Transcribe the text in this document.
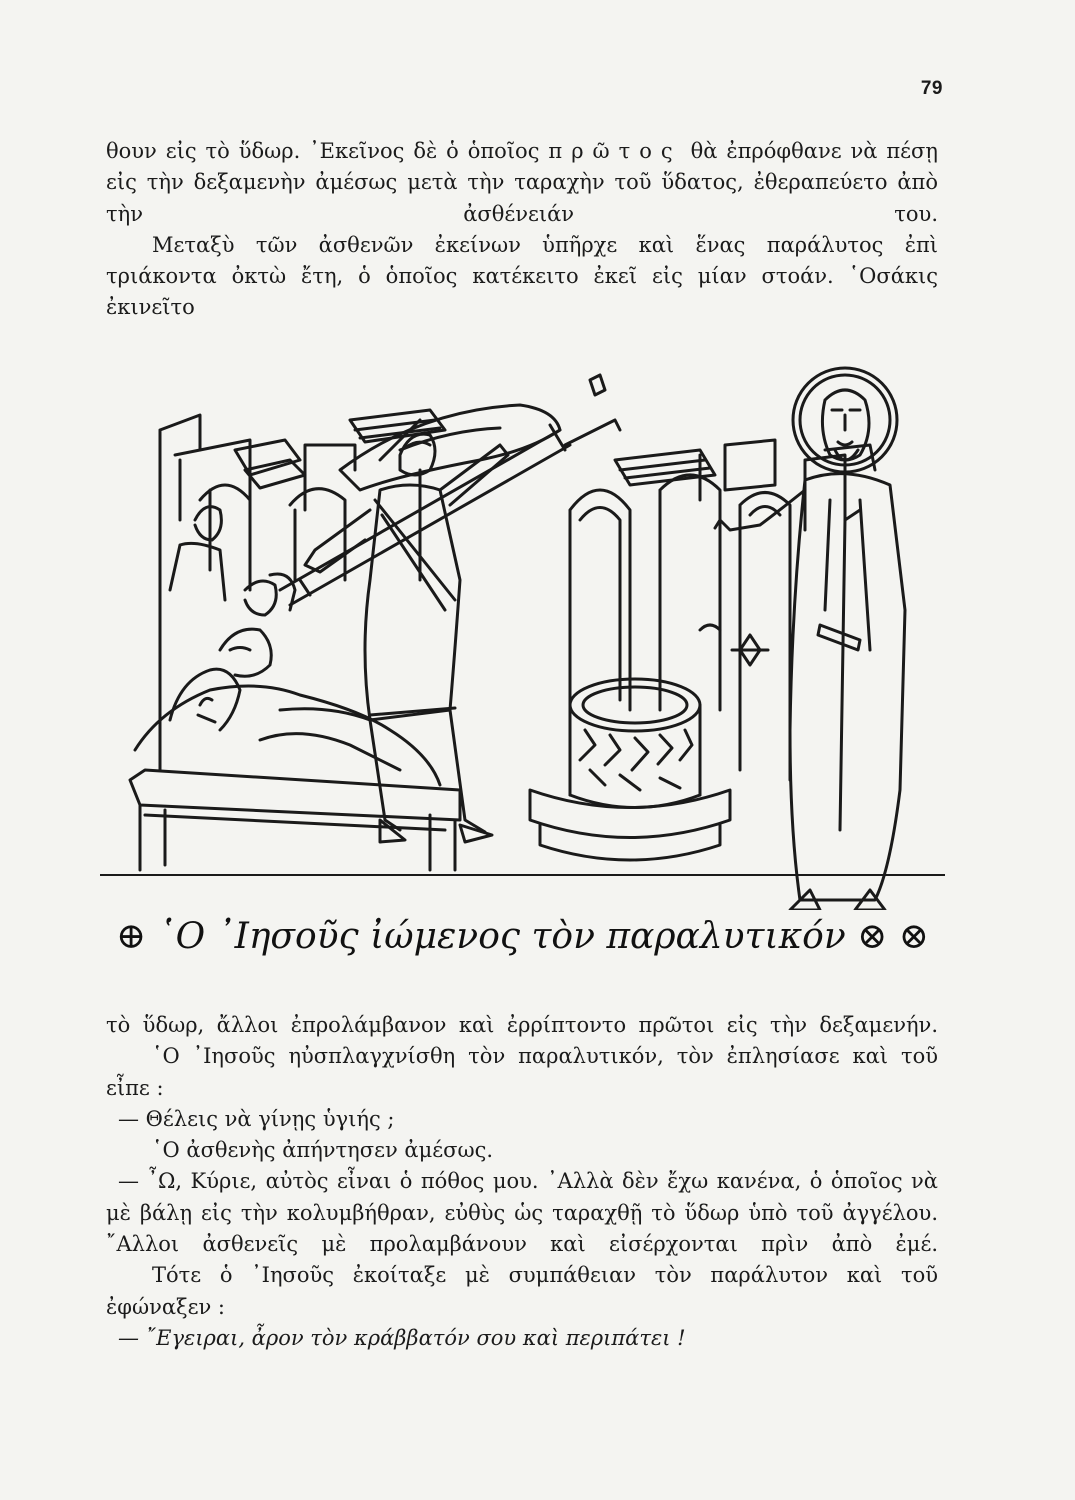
79

θουν εἰς τὸ ὕδωρ. ᾿Εκεῖνος δὲ ὁ ὁποῖος πρῶτος θὰ ἐπρόφθανε νὰ πέσῃ εἰς τὴν δεξαμενὴν ἀμέσως μετὰ τὴν ταραχὴν τοῦ ὕδατος, ἐθεραπεύετο ἀπὸ τὴν ἀσθένειάν του.

Μεταξὺ τῶν ἀσθενῶν ἐκείνων ὑπῆρχε καὶ ἕνας παράλυτος ἐπὶ τριάκοντα ὀκτὼ ἔτη, ὁ ὁποῖος κατέκειτο ἐκεῖ εἰς μίαν στοάν. ῾Οσάκις ἐκινεῖτο

⊕ ῾Ο ᾿Ιησοῦς ἰώμενος τὸν παραλυτικόν ⊗ ⊗

τὸ ὕδωρ, ἄλλοι ἐπρολάμβανον καὶ ἐρρίπτοντο πρῶτοι εἰς τὴν δεξαμενήν.

῾Ο ᾿Ιησοῦς ηὐσπλαγχνίσθη τὸν παραλυτικόν, τὸν ἐπλησίασε καὶ τοῦ εἶπε :

— Θέλεις νὰ γίνῃς ὑγιής ;

῾Ο ἀσθενὴς ἀπήντησεν ἀμέσως.

— ῏Ω, Κύριε, αὐτὸς εἶναι ὁ πόθος μου. ᾿Αλλὰ δὲν ἔχω κανένα, ὁ ὁποῖος νὰ μὲ βάλῃ εἰς τὴν κολυμβήθραν, εὐθὺς ὡς ταραχθῇ τὸ ὕδωρ ὑπὸ τοῦ ἀγγέλου. ῎Αλλοι ἀσθενεῖς μὲ προλαμβάνουν καὶ εἰσέρχονται πρὶν ἀπὸ ἐμέ.

Τότε ὁ ᾿Ιησοῦς ἐκοίταξε μὲ συμπάθειαν τὸν παράλυτον καὶ τοῦ ἐφώναξεν :

— ῎Εγειραι, ἆρον τὸν κράββατόν σου καὶ περιπάτει !
